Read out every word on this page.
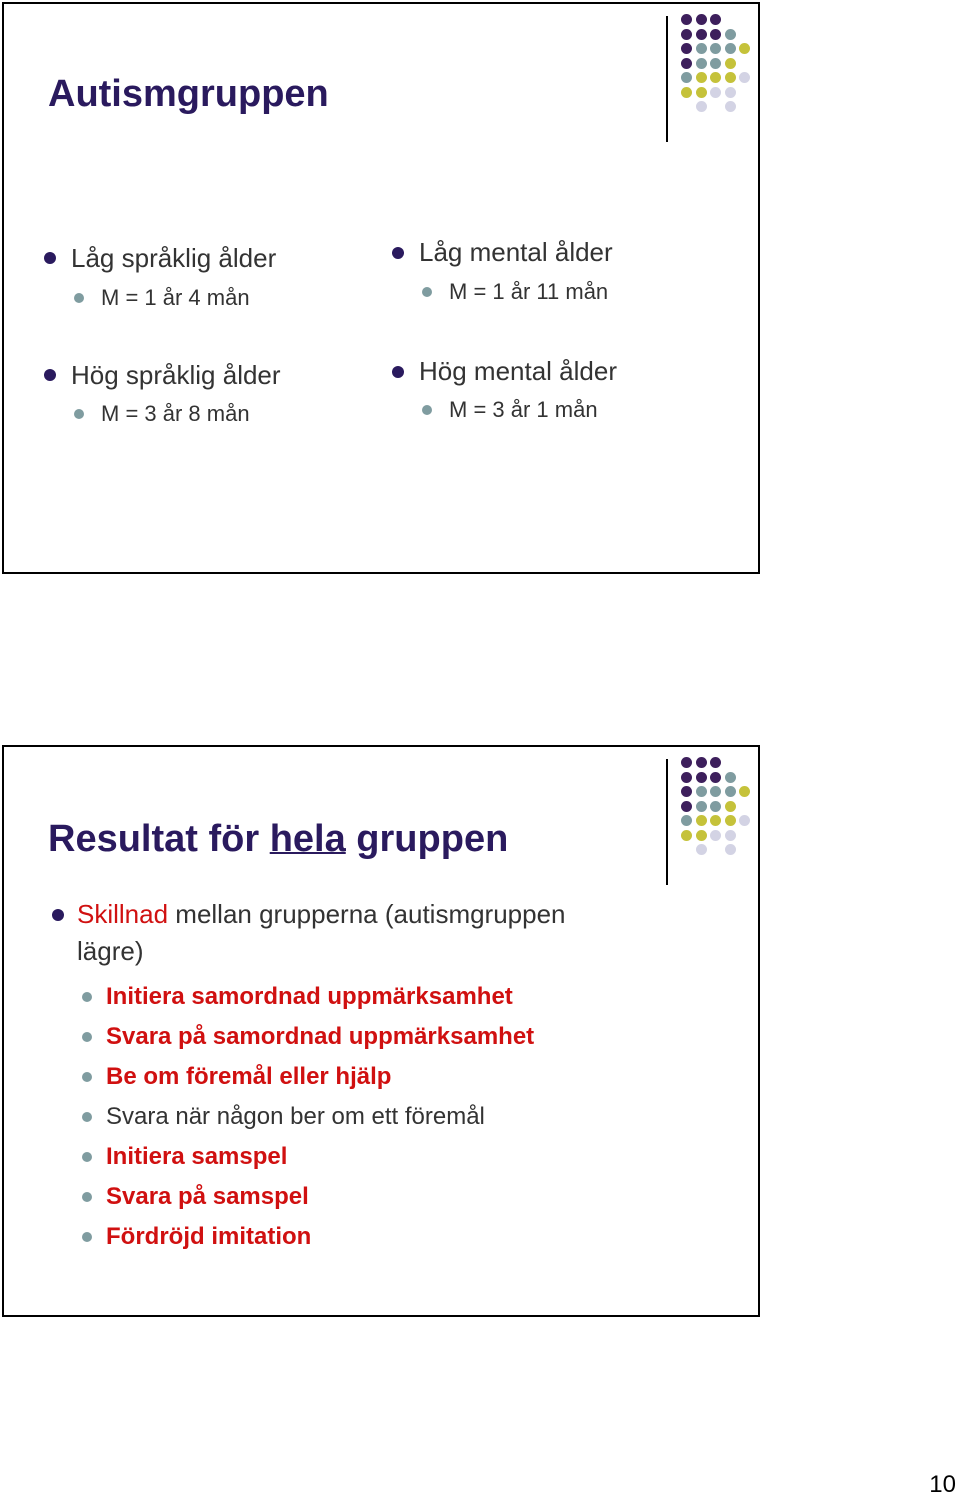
Autismgruppen
Låg språklig ålder
M = 1 år 4 mån
Hög språklig ålder
M = 3 år 8 mån
Låg mental ålder
M = 1 år 11 mån
Hög mental ålder
M = 3 år 1 mån
Resultat för hela gruppen
Skillnad mellan grupperna (autismgruppen
lägre)
Initiera samordnad uppmärksamhet
Svara på samordnad uppmärksamhet
Be om föremål eller hjälp
Svara när någon ber om ett föremål
Initiera samspel
Svara på samspel
Fördröjd imitation
10
